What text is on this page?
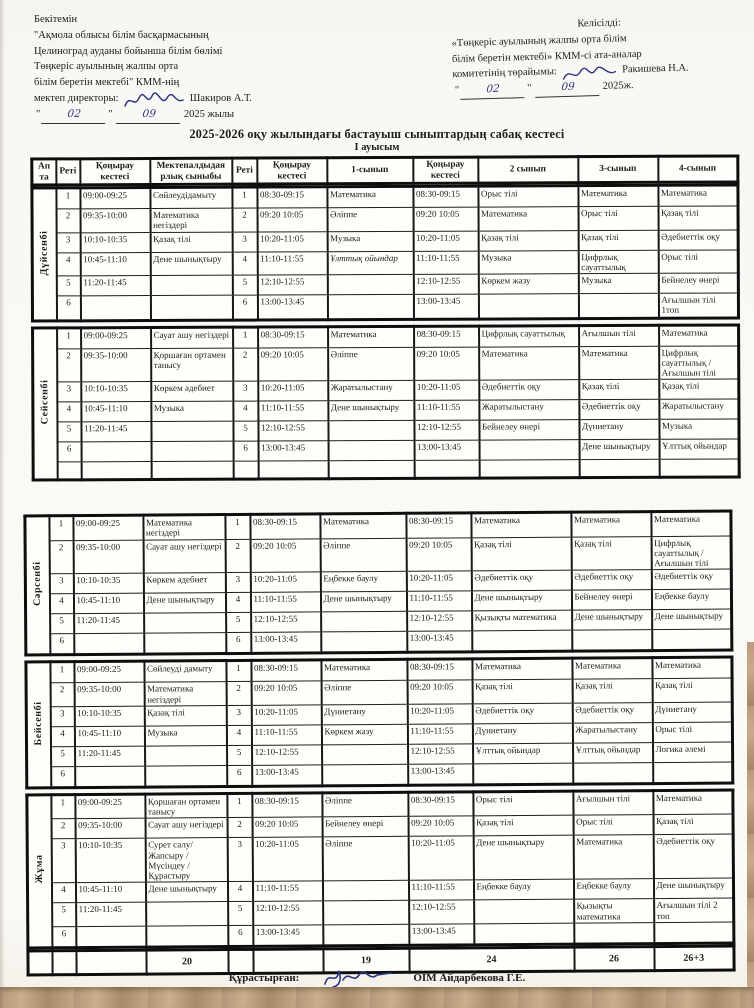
Бекітемін
"Ақмола облысы білім басқармасының
Целиноград ауданы бойынша білім бөлімі
Төңкеріс ауылының жалпы орта
білім беретін мектебі" КММ-нің
мектеп директоры:	Шакиров А.Т.
"	02	"	09	2025 жылы
Келісілді:
«Төңкеріс ауылының жалпы орта білім
білім беретін мектебі» КММ-сі ата-аналар
комитетінің төрайымы:	Ракишева Н.А.
"	02	"	09	2025ж.
2025-2026 оқу жылындағы бастауыш сыныптардың сабақ кестесі
І ауысым
Ап та	Реті	Қоңырау кестесі	Мектепалдыдая рлық сыныбы	Реті	Қоңырау кестесі	1-сынып	Қоңырау кестесі	2 сынып	3-сынып	4-сынып
Дүйсенбі	1	09:00-09:25	Сөйлеудідамыту	1	08:30-09:15	Математика	08:30-09:15	Орыс тілі	Математика	Математика
	2	09:35-10:00	Математика негіздері	2	09:20 10:05	Әліппе	09:20 10:05	Математика	Орыс тілі	Қазақ тілі
	3	10:10-10:35	Қазақ тілі	3	10:20-11:05	Музыка	10:20-11:05	Қазақ тілі	Қазақ тілі	Әдебиеттік оқу
	4	10:45-11:10	Дене шынықтыру	4	11:10-11:55	Ұлттық ойындар	11:10-11:55	Музыка	Цифрлық сауаттылық	Орыс тілі
	5	11:20-11:45		5	12:10-12:55		12:10-12:55	Көркем жазу	Музыка	Бейнелеу өнері
	6			6	13:00-13:45		13:00-13:45			Ағылшын тілі 1топ
Сейсенбі	1	09:00-09:25	Сауат ашу негіздері	1	08:30-09:15	Математика	08:30-09:15	Цифрлық сауаттылық	Ағылшын тілі	Математика
	2	09:35-10:00	Қоршаған ортамен танысу	2	09:20 10:05	Әліппе	09:20 10:05	Математика	Математика	Цифрлық сауаттылық / Ағылшын тілі
	3	10:10-10:35	Көркем әдебиет	3	10:20-11:05	Жаратылыстану	10:20-11:05	Әдебиеттік оқу	Қазақ тілі	Қазақ тілі
	4	10:45-11:10	Музыка	4	11:10-11:55	Дене шынықтыру	11:10-11:55	Жаратылыстану	Әдебиеттік оқу	Жаратылыстану
	5	11:20-11:45		5	12:10-12:55		12:10-12:55	Бейнелеу өнері	Дүниетану	Музыка
	6			6	13:00-13:45		13:00-13:45		Дене шынықтыру	Ұлттық ойындар

Сәрсенбі	1	09:00-09:25	Математика негіздері	1	08:30-09:15	Математика	08:30-09:15	Математика	Математика	Математика
	2	09:35-10:00	Сауат ашу негіздері	2	09:20 10:05	Әліппе	09:20 10:05	Қазақ тілі	Қазақ тілі	Цифрлық сауаттылық / Ағылшын тілі
	3	10:10-10:35	Көркем әдебиет	3	10:20-11:05	Еңбекке баулу	10:20-11:05	Әдебиеттік оқу	Әдебиеттік оқу	Әдебиеттік оқу
	4	10:45-11:10	Дене шынықтыру	4	11:10-11:55	Дене шынықтыру	11:10-11:55	Дене шынықтыру	Бейнелеу өнері	Еңбекке баулу
	5	11:20-11:45		5	12:10-12:55		12:10-12:55	Қызықты математика	Дене шынықтыру	Дене шынықтыру
	6			6	13:00-13:45		13:00-13:45			
Бейсенбі	1	09:00-09:25	Сөйлеуді дамыту	1	08:30-09:15	Математика	08:30-09:15	Математика	Математика	Математика
	2	09:35-10:00	Математика негіздері	2	09:20 10:05	Әліппе	09:20 10:05	Қазақ тілі	Қазақ тілі	Қазақ тілі
	3	10:10-10:35	Қазақ тілі	3	10:20-11:05	Дүниетану	10:20-11:05	Әдебиеттік оқу	Әдебиеттік оқу	Дүниетану
	4	10:45-11:10	Музыка	4	11:10-11:55	Көркем жазу	11:10-11:55	Дүниетану	Жаратылыстану	Орыс тілі
	5	11:20-11:45		5	12:10-12:55		12:10-12:55	Ұлттық ойындар	Ұлттық ойындар	Логика әлемі
	6			6	13:00-13:45		13:00-13:45			
Жұма	1	09:00-09:25	Қоршаған ортамен танысу	1	08:30-09:15	Әліппе	08:30-09:15	Орыс тілі	Ағылшын тілі	Математика
	2	09:35-10:00	Сауат ашу негіздері	2	09:20 10:05	Бейнелеу өнері	09:20 10:05	Қазақ тілі	Орыс тілі	Қазақ тілі
	3	10:10-10:35	Сурет салу/ Жапсыру /Мүсіндеу /Құрастыру	3	10:20-11:05	Әліппе	10:20-11:05	Дене шынықтыру	Математика	Әдебиеттік оқу
	4	10:45-11:10	Дене шынықтыру	4	11:10-11:55		11:10-11:55	Еңбекке баулу	Еңбекке баулу	Дене шынықтыру
	5	11:20-11:45		5	12:10-12:55		12:10-12:55		Қызықты математика	Ағылшын тілі 2 топ
	6			6	13:00-13:45		13:00-13:45			
			20			19	24	26	26+3
Құрастырған:	ОІМ Айдарбекова Г.Е.
